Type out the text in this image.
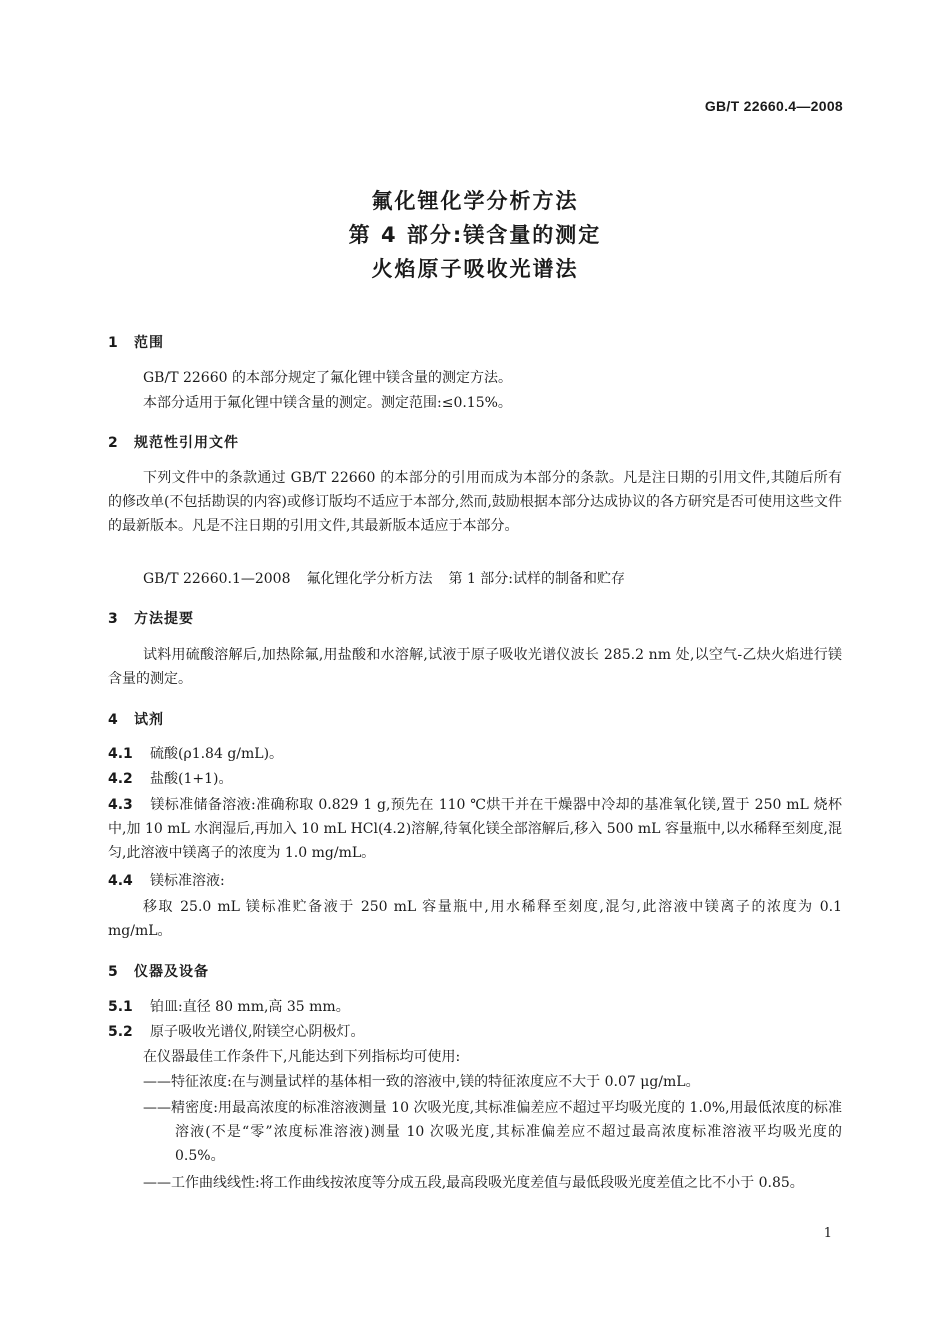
GB/T 22660.4—2008
氟化锂化学分析方法
第 4 部分:镁含量的测定
火焰原子吸收光谱法
1 范围
GB/T 22660 的本部分规定了氟化锂中镁含量的测定方法。
本部分适用于氟化锂中镁含量的测定。测定范围:≤0.15%。
2 规范性引用文件
下列文件中的条款通过 GB/T 22660 的本部分的引用而成为本部分的条款。凡是注日期的引用文件,其随后所有的修改单(不包括勘误的内容)或修订版均不适应于本部分,然而,鼓励根据本部分达成协议的各方研究是否可使用这些文件的最新版本。凡是不注日期的引用文件,其最新版本适应于本部分。
GB/T 22660.1—2008 氟化锂化学分析方法 第 1 部分:试样的制备和贮存
3 方法提要
试料用硫酸溶解后,加热除氟,用盐酸和水溶解,试液于原子吸收光谱仪波长 285.2 nm 处,以空气-乙炔火焰进行镁含量的测定。
4 试剂
4.1 硫酸(ρ1.84 g/mL)。
4.2 盐酸(1+1)。
4.3 镁标准储备溶液:准确称取 0.829 1 g,预先在 110 ℃烘干并在干燥器中冷却的基准氧化镁,置于 250 mL 烧杯中,加 10 mL 水润湿后,再加入 10 mL HCl(4.2)溶解,待氧化镁全部溶解后,移入 500 mL 容量瓶中,以水稀释至刻度,混匀,此溶液中镁离子的浓度为 1.0 mg/mL。
4.4 镁标准溶液:
移取 25.0 mL 镁标准贮备液于 250 mL 容量瓶中,用水稀释至刻度,混匀,此溶液中镁离子的浓度为 0.1 mg/mL。
5 仪器及设备
5.1 铂皿:直径 80 mm,高 35 mm。
5.2 原子吸收光谱仪,附镁空心阴极灯。
在仪器最佳工作条件下,凡能达到下列指标均可使用:
——特征浓度:在与测量试样的基体相一致的溶液中,镁的特征浓度应不大于 0.07 μg/mL。
——精密度:用最高浓度的标准溶液测量 10 次吸光度,其标准偏差应不超过平均吸光度的 1.0%,用最低浓度的标准溶液(不是“零”浓度标准溶液)测量 10 次吸光度,其标准偏差应不超过最高浓度标准溶液平均吸光度的 0.5%。
——工作曲线线性:将工作曲线按浓度等分成五段,最高段吸光度差值与最低段吸光度差值之比不小于 0.85。
1
